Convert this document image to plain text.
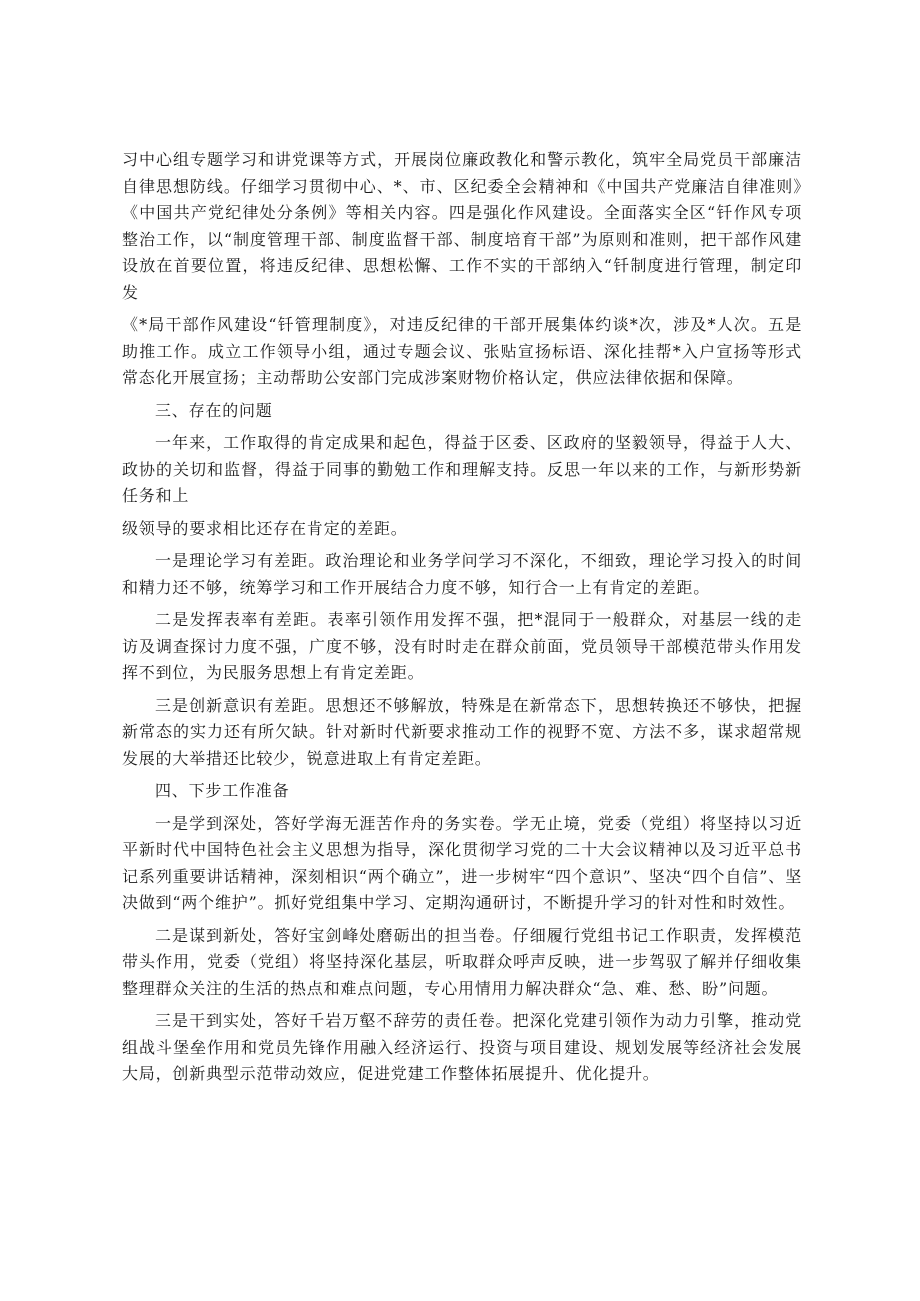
习中心组专题学习和讲党课等方式，开展岗位廉政教化和警示教化，筑牢全局党员干部廉洁自律思想防线。仔细学习贯彻中心、*、市、区纪委全会精神和《中国共产党廉洁自律准则》《中国共产党纪律处分条例》等相关内容。四是强化作风建设。全面落实全区“钎作风专项整治工作，以“制度管理干部、制度监督干部、制度培育干部”为原则和准则，把干部作风建设放在首要位置，将违反纪律、思想松懈、工作不实的干部纳入“钎制度进行管理，制定印发

《*局干部作风建设“钎管理制度》，对违反纪律的干部开展集体约谈*次，涉及*人次。五是助推工作。成立工作领导小组，通过专题会议、张贴宣扬标语、深化挂帮*入户宣扬等形式常态化开展宣扬；主动帮助公安部门完成涉案财物价格认定，供应法律依据和保障。

三、存在的问题

一年来，工作取得的肯定成果和起色，得益于区委、区政府的坚毅领导，得益于人大、政协的关切和监督，得益于同事的勤勉工作和理解支持。反思一年以来的工作，与新形势新任务和上

级领导的要求相比还存在肯定的差距。

一是理论学习有差距。政治理论和业务学问学习不深化，不细致，理论学习投入的时间和精力还不够，统筹学习和工作开展结合力度不够，知行合一上有肯定的差距。

二是发挥表率有差距。表率引领作用发挥不强，把*混同于一般群众，对基层一线的走访及调查探讨力度不强，广度不够，没有时时走在群众前面，党员领导干部模范带头作用发挥不到位，为民服务思想上有肯定差距。

三是创新意识有差距。思想还不够解放，特殊是在新常态下，思想转换还不够快，把握新常态的实力还有所欠缺。针对新时代新要求推动工作的视野不宽、方法不多，谋求超常规发展的大举措还比较少，锐意进取上有肯定差距。

四、下步工作准备

一是学到深处，答好学海无涯苦作舟的务实卷。学无止境，党委（党组）将坚持以习近平新时代中国特色社会主义思想为指导，深化贯彻学习党的二十大会议精神以及习近平总书记系列重要讲话精神，深刻相识“两个确立”，进一步树牢“四个意识”、坚决“四个自信”、坚决做到“两个维护”。抓好党组集中学习、定期沟通研讨，不断提升学习的针对性和时效性。

二是谋到新处，答好宝剑峰处磨砺出的担当卷。仔细履行党组书记工作职责，发挥模范带头作用，党委（党组）将坚持深化基层，听取群众呼声反映，进一步驾驭了解并仔细收集整理群众关注的生活的热点和难点问题，专心用情用力解决群众“急、难、愁、盼”问题。

三是干到实处，答好千岩万壑不辞劳的责任卷。把深化党建引领作为动力引擎，推动党组战斗堡垒作用和党员先锋作用融入经济运行、投资与项目建设、规划发展等经济社会发展大局，创新典型示范带动效应，促进党建工作整体拓展提升、优化提升。
